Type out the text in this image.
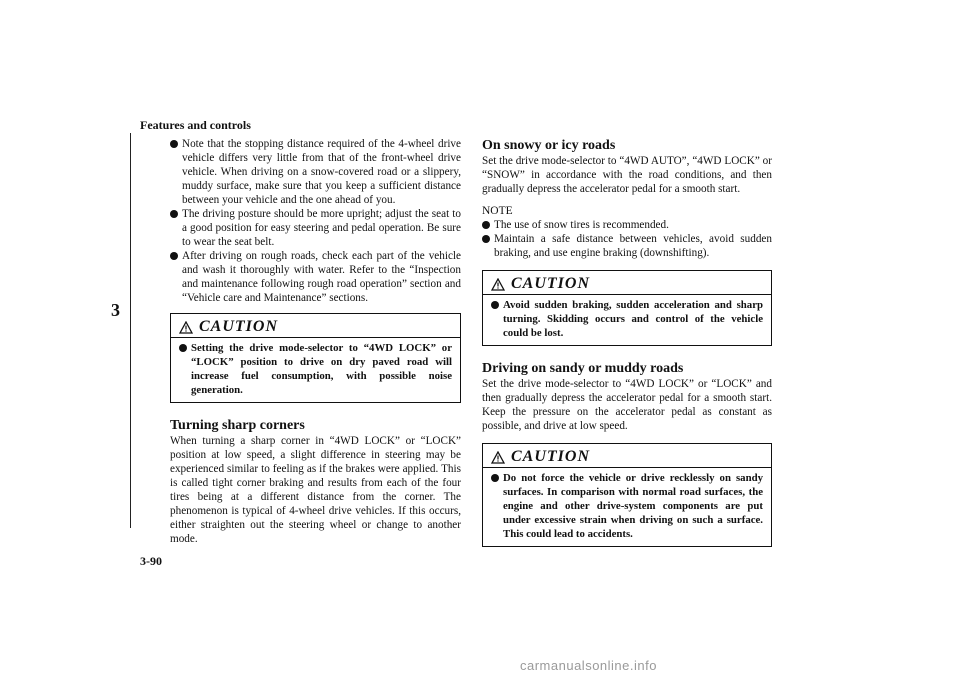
Features and controls
3
3-90
Note that the stopping distance required of the 4-wheel drive vehicle differs very little from that of the front-wheel drive vehicle. When driving on a snow-covered road or a slippery, muddy surface, make sure that you keep a sufficient distance between your vehicle and the one ahead of you.
The driving posture should be more upright; adjust the seat to a good position for easy steering and pedal operation. Be sure to wear the seat belt.
After driving on rough roads, check each part of the vehicle and wash it thoroughly with water. Refer to the “Inspection and maintenance following rough road operation” section and “Vehicle care and Maintenance” sections.
CAUTION
Setting the drive mode-selector to “4WD LOCK” or “LOCK” position to drive on dry paved road will increase fuel consumption, with possible noise generation.
Turning sharp corners

When turning a sharp corner in “4WD LOCK” or “LOCK” position at low speed, a slight difference in steering may be experienced similar to feeling as if the brakes were applied. This is called tight corner braking and results from each of the four tires being at a different distance from the corner. The phenomenon is typical of 4-wheel drive vehicles. If this occurs, either straighten out the steering wheel or change to another mode.

On snowy or icy roads

Set the drive mode-selector to “4WD AUTO”, “4WD LOCK” or “SNOW” in accordance with the road conditions, and then gradually depress the accelerator pedal for a smooth start.

NOTE

The use of snow tires is recommended.
Maintain a safe distance between vehicles, avoid sudden braking, and use engine braking (downshifting).
CAUTION
Avoid sudden braking, sudden acceleration and sharp turning. Skidding occurs and control of the vehicle could be lost.
Driving on sandy or muddy roads

Set the drive mode-selector to “4WD LOCK” or “LOCK” and then gradually depress the accelerator pedal for a smooth start. Keep the pressure on the accelerator pedal as constant as possible, and drive at low speed.

CAUTION
Do not force the vehicle or drive recklessly on sandy surfaces. In comparison with normal road surfaces, the engine and other drive-system components are put under excessive strain when driving on such a surface. This could lead to accidents.
carmanualsonline.info
